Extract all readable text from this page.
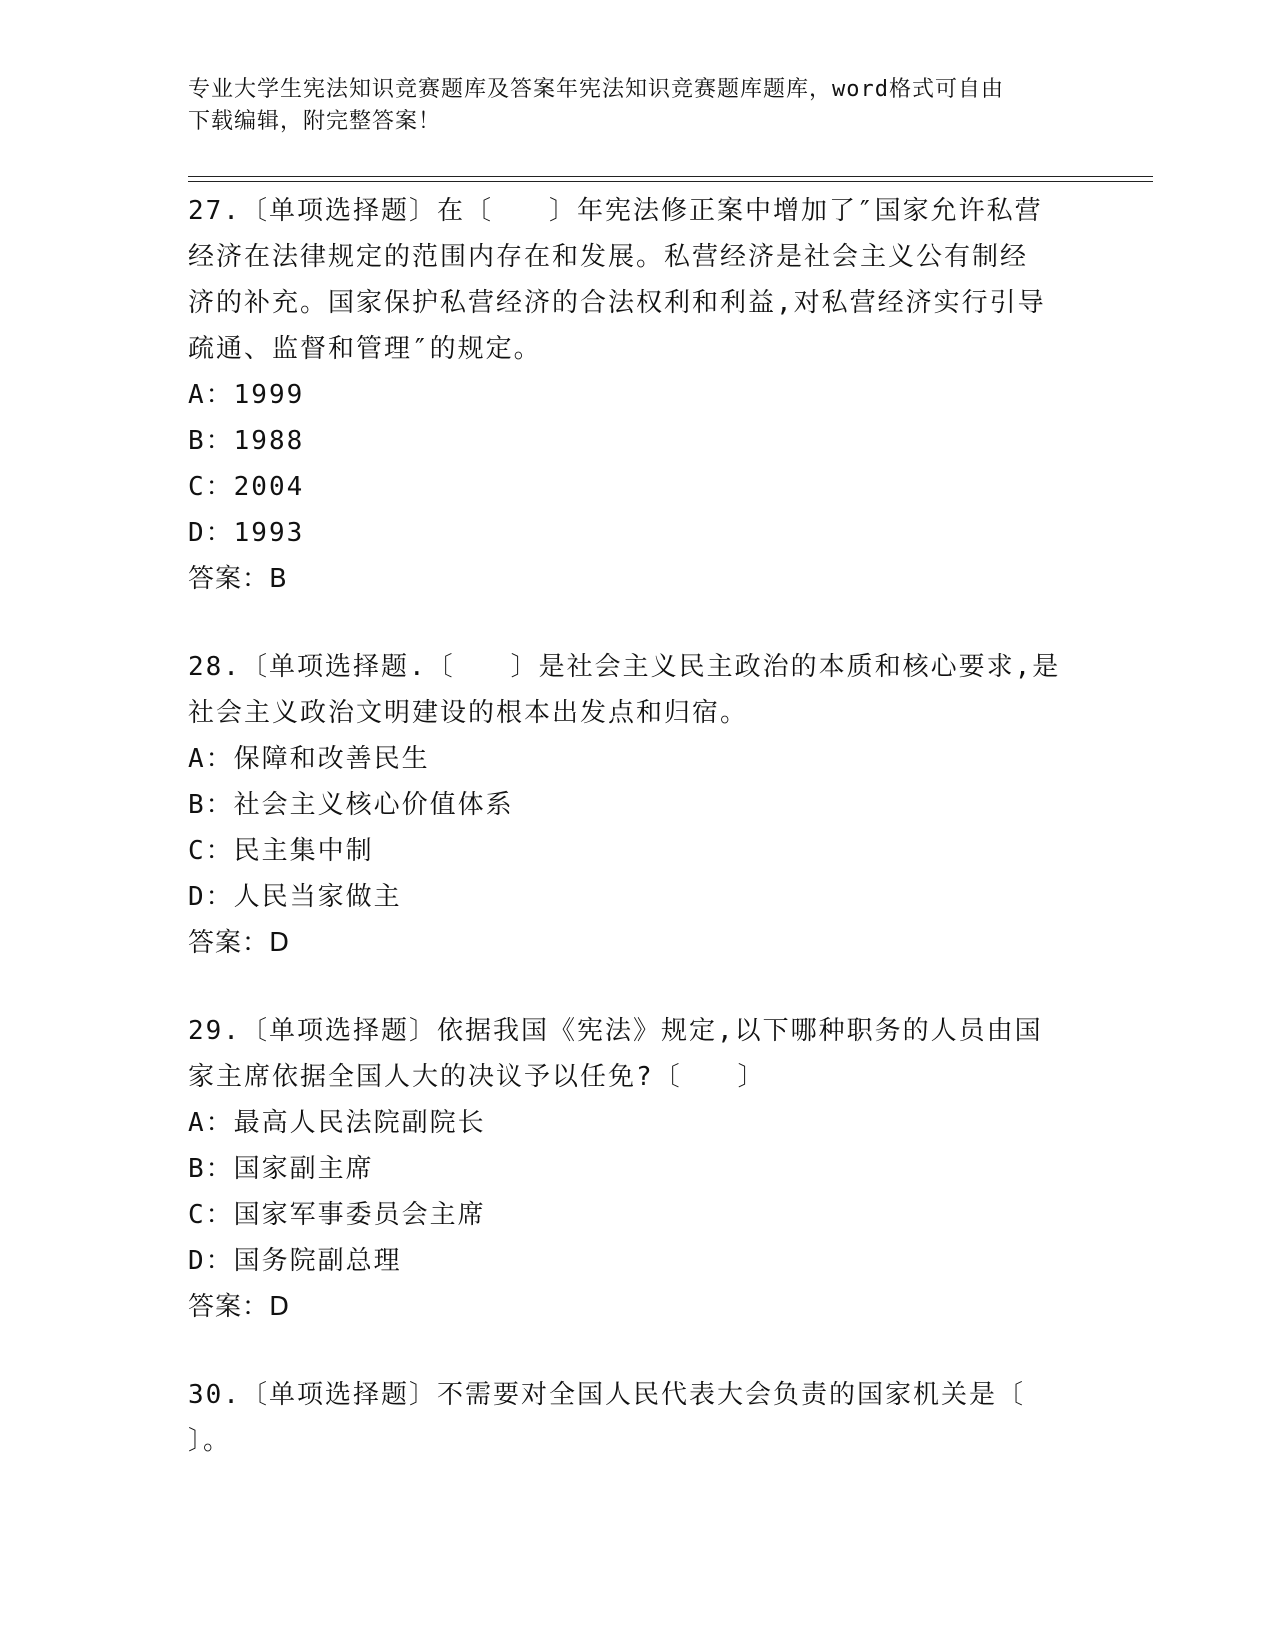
专业大学生宪法知识竞赛题库及答案年宪法知识竞赛题库题库，word格式可自由
下载编辑，附完整答案！

27.〔单项选择题〕在〔　　〕年宪法修正案中增加了″国家允许私营

经济在法律规定的范围内存在和发展。私营经济是社会主义公有制经

济的补充。国家保护私营经济的合法权利和利益,对私营经济实行引导

疏通、监督和管理″的规定。

A：1999

B：1988

C：2004

D：1993

答案：B

28.〔单项选择题.〔　　〕是社会主义民主政治的本质和核心要求,是

社会主义政治文明建设的根本出发点和归宿。

A：保障和改善民生

B：社会主义核心价值体系

C：民主集中制

D：人民当家做主

答案：D

29.〔单项选择题〕依据我国《宪法》规定,以下哪种职务的人员由国

家主席依据全国人大的决议予以任免?〔　　〕

A：最高人民法院副院长

B：国家副主席

C：国家军事委员会主席

D：国务院副总理

答案：D

30.〔单项选择题〕不需要对全国人民代表大会负责的国家机关是〔

〕。
